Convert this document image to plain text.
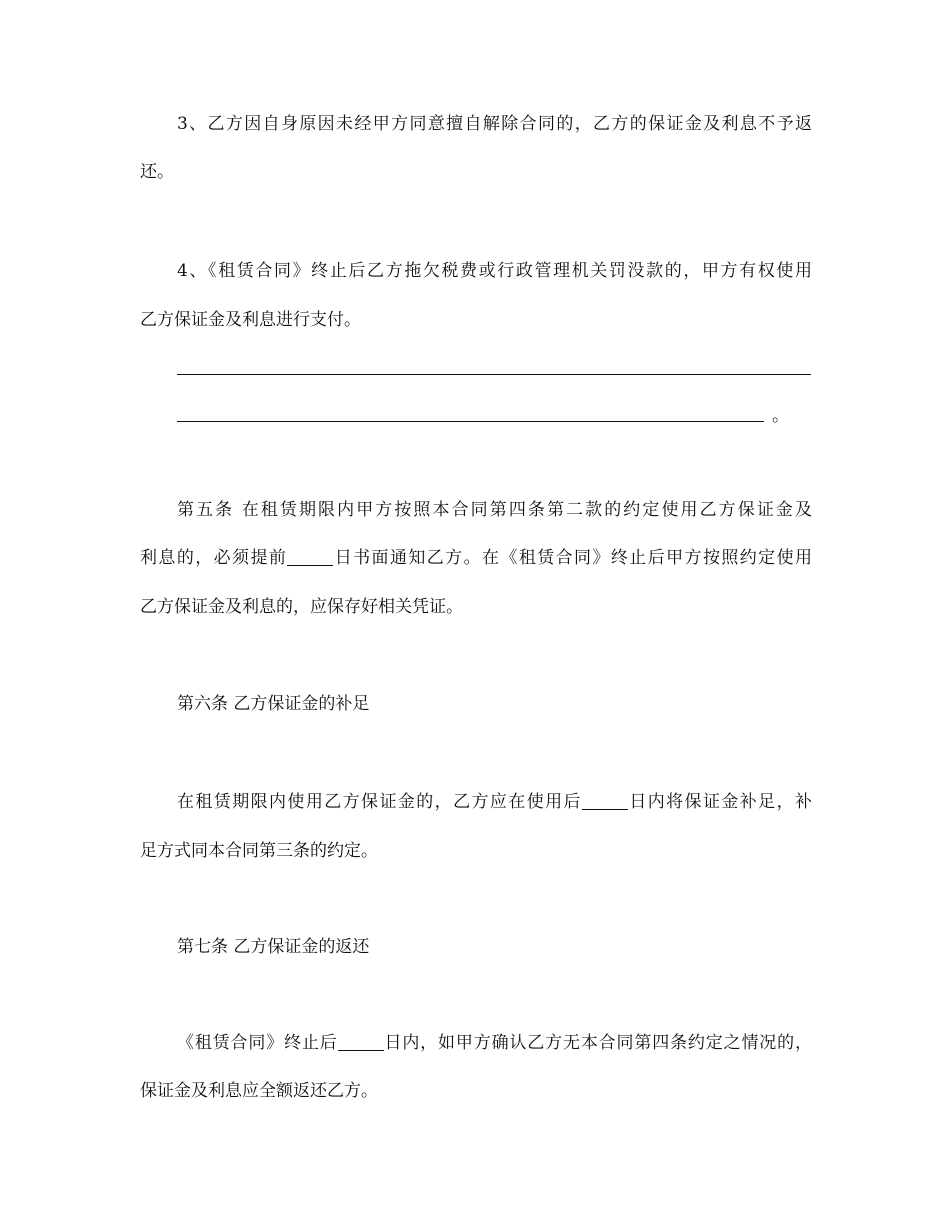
3、乙方因自身原因未经甲方同意擅自解除合同的，乙方的保证金及利息不予返
还。
4、《租赁合同》终止后乙方拖欠税费或行政管理机关罚没款的，甲方有权使用
乙方保证金及利息进行支付。
。
第五条 在租赁期限内甲方按照本合同第四条第二款的约定使用乙方保证金及
利息的，必须提前	日书面通知乙方。在《租赁合同》终止后甲方按照约定使用
乙方保证金及利息的，应保存好相关凭证。
第六条 乙方保证金的补足
在租赁期限内使用乙方保证金的，乙方应在使用后	日内将保证金补足，补
足方式同本合同第三条的约定。
第七条 乙方保证金的返还
《租赁合同》终止后	日内，如甲方确认乙方无本合同第四条约定之情况的，
保证金及利息应全额返还乙方。
